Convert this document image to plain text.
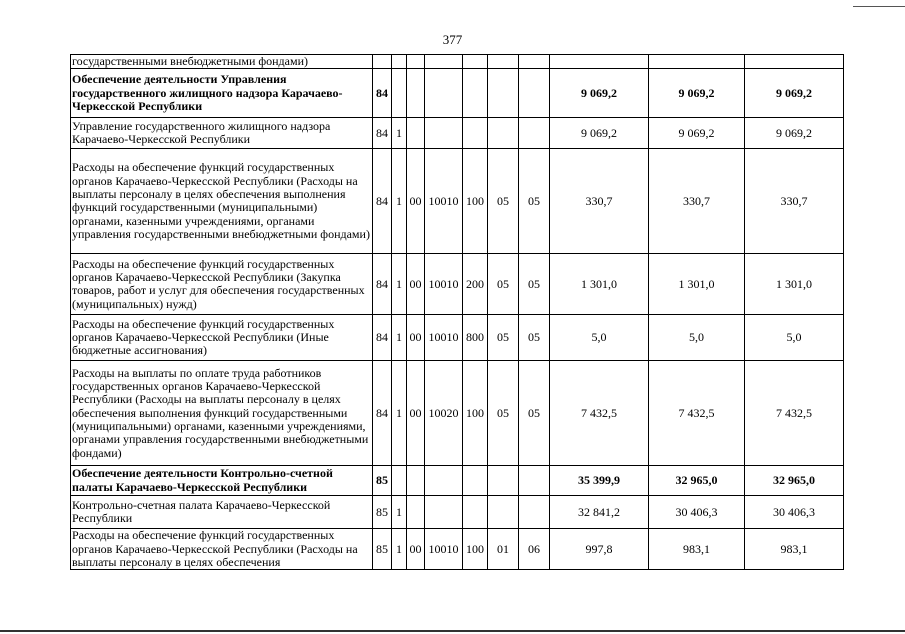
377
государственными внебюджетными фондами)										
Обеспечение деятельности Управления государственного жилищного надзора Карачаево-Черкесской Республики	84							9 069,2	9 069,2	9 069,2
Управление государственного жилищного надзора Карачаево-Черкесской Республики	84	1						9 069,2	9 069,2	9 069,2
Расходы на обеспечение функций государственных органов Карачаево-Черкесской Республики (Расходы на выплаты персоналу в целях обеспечения выполнения функций государственными (муниципальными) органами, казенными учреждениями, органами управления государственными внебюджетными фондами)	84	1	00	10010	100	05	05	330,7	330,7	330,7
Расходы на обеспечение функций государственных органов Карачаево-Черкесской Республики (Закупка товаров, работ и услуг для обеспечения государственных (муниципальных) нужд)	84	1	00	10010	200	05	05	1 301,0	1 301,0	1 301,0
Расходы на обеспечение функций государственных органов Карачаево-Черкесской Республики (Иные бюджетные ассигнования)	84	1	00	10010	800	05	05	5,0	5,0	5,0
Расходы на выплаты по оплате труда работников государственных органов Карачаево-Черкесской Республики (Расходы на выплаты персоналу в целях обеспечения выполнения функций государственными (муниципальными) органами, казенными учреждениями, органами управления государственными внебюджетными фондами)	84	1	00	10020	100	05	05	7 432,5	7 432,5	7 432,5
Обеспечение деятельности Контрольно-счетной палаты Карачаево-Черкесской Республики	85							35 399,9	32 965,0	32 965,0
Контрольно-счетная палата Карачаево-Черкесской Республики	85	1						32 841,2	30 406,3	30 406,3
Расходы на обеспечение функций государственных органов Карачаево-Черкесской Республики (Расходы на выплаты персоналу в целях обеспечения	85	1	00	10010	100	01	06	997,8	983,1	983,1
